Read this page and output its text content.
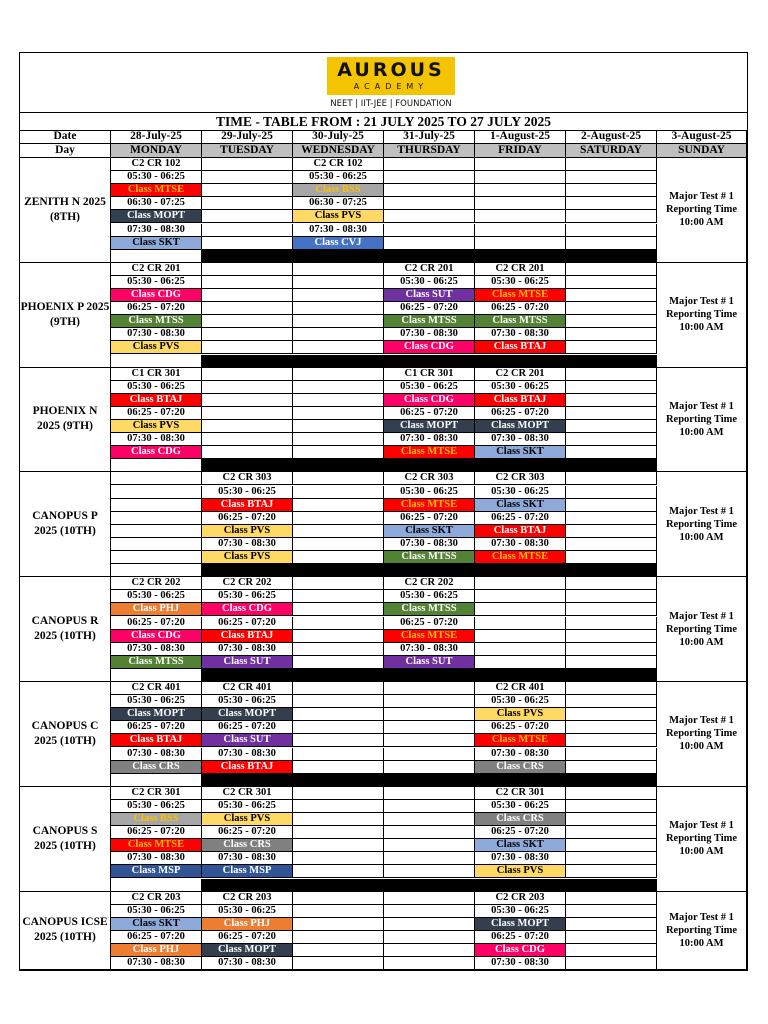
AUROUS
ACADEMY
NEET | IIT-JEE | FOUNDATION
TIME - TABLE FROM : 21 JULY 2025 TO 27 JULY 2025
Date
Day
28-July-25
MONDAY
29-July-25
TUESDAY
30-July-25
WEDNESDAY
31-July-25
THURSDAY
1-August-25
FRIDAY
2-August-25
SATURDAY
3-August-25
SUNDAY
ZENITH N 2025 (8TH)
Major Test # 1 Reporting Time 10:00 AM
C2 CR 102
05:30 - 06:25
Class MTSE
06:30 - 07:25
Class MOPT
07:30 - 08:30
Class SKT
C2 CR 102
05:30 - 06:25
Class BSS
06:30 - 07:25
Class PVS
07:30 - 08:30
Class CVJ
PHOENIX P 2025 (9TH)
Major Test # 1 Reporting Time 10:00 AM
C2 CR 201
05:30 - 06:25
Class CDG
06:25 - 07:20
Class MTSS
07:30 - 08:30
Class PVS
C2 CR 201
05:30 - 06:25
Class SUT
06:25 - 07:20
Class MTSS
07:30 - 08:30
Class CDG
C2 CR 201
05:30 - 06:25
Class MTSE
06:25 - 07:20
Class MTSS
07:30 - 08:30
Class BTAJ
PHOENIX N 2025 (9TH)
Major Test # 1 Reporting Time 10:00 AM
C1 CR 301
05:30 - 06:25
Class BTAJ
06:25 - 07:20
Class PVS
07:30 - 08:30
Class CDG
C1 CR 301
05:30 - 06:25
Class CDG
06:25 - 07:20
Class MOPT
07:30 - 08:30
Class MTSE
C2 CR 201
05:30 - 06:25
Class BTAJ
06:25 - 07:20
Class MOPT
07:30 - 08:30
Class SKT
CANOPUS P 2025 (10TH)
Major Test # 1 Reporting Time 10:00 AM
C2 CR 303
05:30 - 06:25
Class BTAJ
06:25 - 07:20
Class PVS
07:30 - 08:30
Class PVS
C2 CR 303
05:30 - 06:25
Class MTSE
06:25 - 07:20
Class SKT
07:30 - 08:30
Class MTSS
C2 CR 303
05:30 - 06:25
Class SKT
06:25 - 07:20
Class BTAJ
07:30 - 08:30
Class MTSE
CANOPUS R 2025 (10TH)
Major Test # 1 Reporting Time 10:00 AM
C2 CR 202
05:30 - 06:25
Class PHJ
06:25 - 07:20
Class CDG
07:30 - 08:30
Class MTSS
C2 CR 202
05:30 - 06:25
Class CDG
06:25 - 07:20
Class BTAJ
07:30 - 08:30
Class SUT
C2 CR 202
05:30 - 06:25
Class MTSS
06:25 - 07:20
Class MTSE
07:30 - 08:30
Class SUT
CANOPUS C 2025 (10TH)
Major Test # 1 Reporting Time 10:00 AM
C2 CR 401
05:30 - 06:25
Class MOPT
06:25 - 07:20
Class BTAJ
07:30 - 08:30
Class CRS
C2 CR 401
05:30 - 06:25
Class MOPT
06:25 - 07:20
Class SUT
07:30 - 08:30
Class BTAJ
C2 CR 401
05:30 - 06:25
Class PVS
06:25 - 07:20
Class MTSE
07:30 - 08:30
Class CRS
CANOPUS S 2025 (10TH)
Major Test # 1 Reporting Time 10:00 AM
C2 CR 301
05:30 - 06:25
Class BSS
06:25 - 07:20
Class MTSE
07:30 - 08:30
Class MSP
C2 CR 301
05:30 - 06:25
Class PVS
06:25 - 07:20
Class CRS
07:30 - 08:30
Class MSP
C2 CR 301
05:30 - 06:25
Class CRS
06:25 - 07:20
Class SKT
07:30 - 08:30
Class PVS
CANOPUS ICSE 2025 (10TH)
Major Test # 1 Reporting Time 10:00 AM
C2 CR 203
05:30 - 06:25
Class SKT
06:25 - 07:20
Class PHJ
07:30 - 08:30
C2 CR 203
05:30 - 06:25
Class PHJ
06:25 - 07:20
Class MOPT
07:30 - 08:30
C2 CR 203
05:30 - 06:25
Class MOPT
06:25 - 07:20
Class CDG
07:30 - 08:30
